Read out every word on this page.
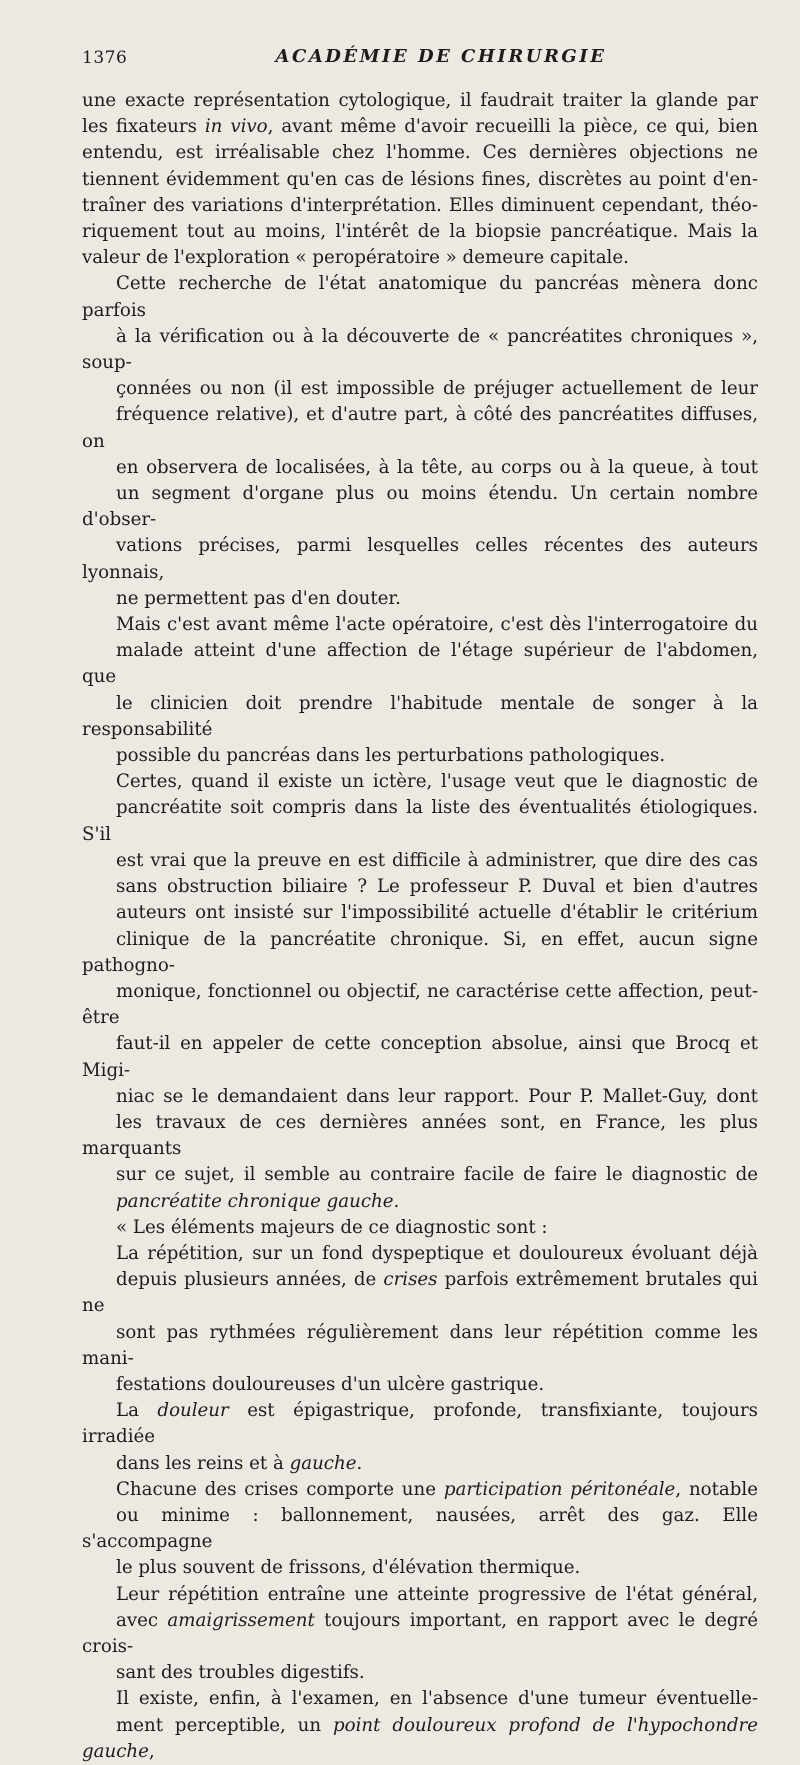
1376	ACADÉMIE DE CHIRURGIE

une exacte représentation cytologique, il faudrait traiter la glande par
les fixateurs in vivo, avant même d'avoir recueilli la pièce, ce qui, bien
entendu, est irréalisable chez l'homme. Ces dernières objections ne
tiennent évidemment qu'en cas de lésions fines, discrètes au point d'en-
traîner des variations d'interprétation. Elles diminuent cependant, théo-
riquement tout au moins, l'intérêt de la biopsie pancréatique. Mais la
valeur de l'exploration « peropératoire » demeure capitale.

Cette recherche de l'état anatomique du pancréas mènera donc parfois
à la vérification ou à la découverte de « pancréatites chroniques », soup-
çonnées ou non (il est impossible de préjuger actuellement de leur
fréquence relative), et d'autre part, à côté des pancréatites diffuses, on
en observera de localisées, à la tête, au corps ou à la queue, à tout
un segment d'organe plus ou moins étendu. Un certain nombre d'obser-
vations précises, parmi lesquelles celles récentes des auteurs lyonnais,
ne permettent pas d'en douter.

Mais c'est avant même l'acte opératoire, c'est dès l'interrogatoire du
malade atteint d'une affection de l'étage supérieur de l'abdomen, que
le clinicien doit prendre l'habitude mentale de songer à la responsabilité
possible du pancréas dans les perturbations pathologiques.

Certes, quand il existe un ictère, l'usage veut que le diagnostic de
pancréatite soit compris dans la liste des éventualités étiologiques. S'il
est vrai que la preuve en est difficile à administrer, que dire des cas
sans obstruction biliaire ? Le professeur P. Duval et bien d'autres
auteurs ont insisté sur l'impossibilité actuelle d'établir le critérium
clinique de la pancréatite chronique. Si, en effet, aucun signe pathogno-
monique, fonctionnel ou objectif, ne caractérise cette affection, peut-être
faut-il en appeler de cette conception absolue, ainsi que Brocq et Migi-
niac se le demandaient dans leur rapport. Pour P. Mallet-Guy, dont
les travaux de ces dernières années sont, en France, les plus marquants
sur ce sujet, il semble au contraire facile de faire le diagnostic de
pancréatite chronique gauche.

« Les éléments majeurs de ce diagnostic sont :

La répétition, sur un fond dyspeptique et douloureux évoluant déjà
depuis plusieurs années, de crises parfois extrêmement brutales qui ne
sont pas rythmées régulièrement dans leur répétition comme les mani-
festations douloureuses d'un ulcère gastrique.

La douleur est épigastrique, profonde, transfixiante, toujours irradiée
dans les reins et à gauche.

Chacune des crises comporte une participation péritonéale, notable
ou minime : ballonnement, nausées, arrêt des gaz. Elle s'accompagne
le plus souvent de frissons, d'élévation thermique.

Leur répétition entraîne une atteinte progressive de l'état général,
avec amaigrissement toujours important, en rapport avec le degré crois-
sant des troubles digestifs.

Il existe, enfin, à l'examen, en l'absence d'une tumeur éventuelle-
ment perceptible, un point douloureux profond de l'hypochondre gauche,
